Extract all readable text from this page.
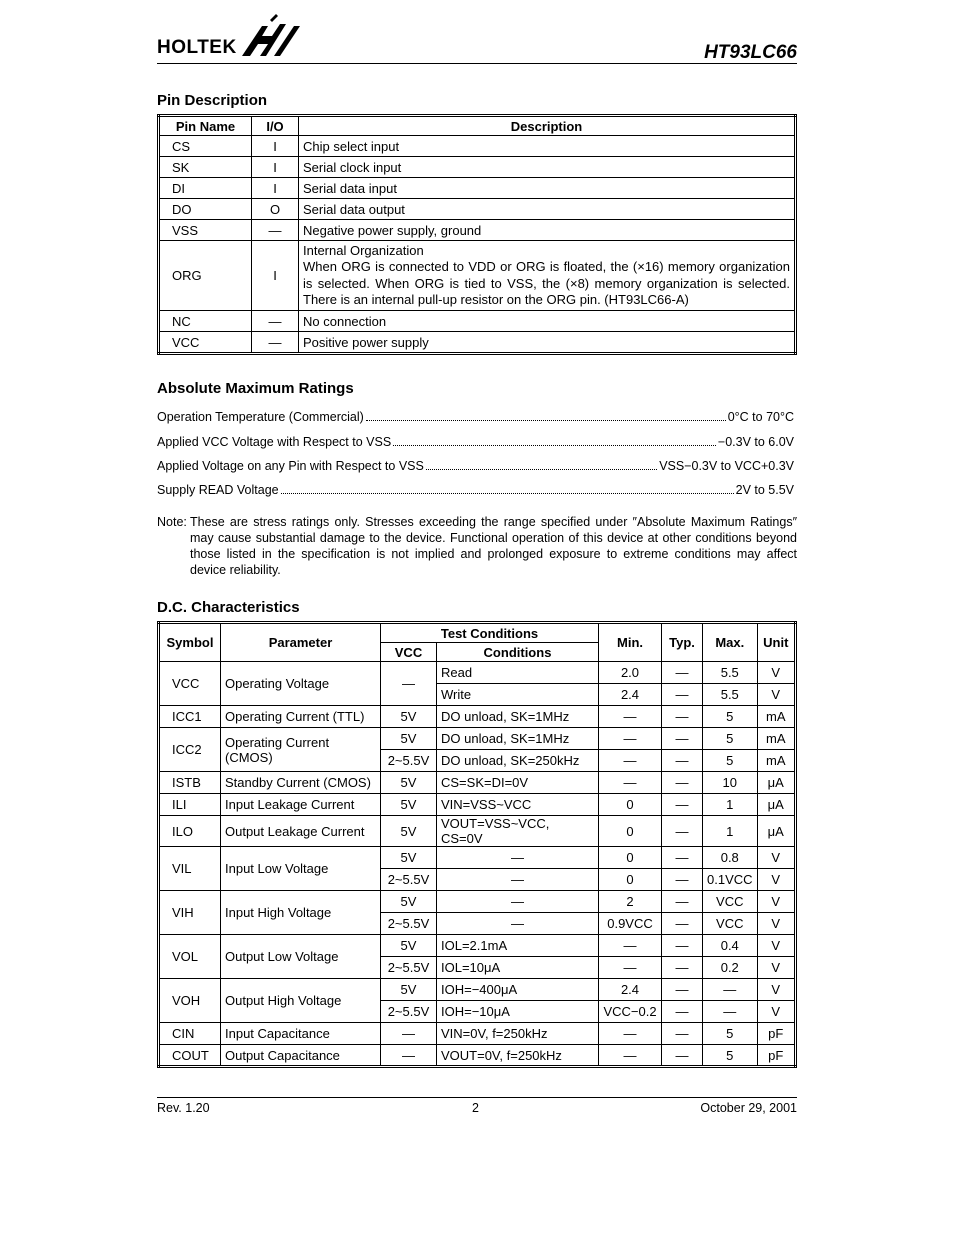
HOLTEK	HT93LC66
Pin Description
Pin Name	I/O	Description
CS	I	Chip select input
SK	I	Serial clock input
DI	I	Serial data input
DO	O	Serial data output
VSS	—	Negative power supply, ground
ORG	I	Internal Organization
When ORG is connected to VDD or ORG is floated, the (×16) memory organization is selected. When ORG is tied to VSS, the (×8) memory organization is selected. There is an internal pull-up resistor on the ORG pin. (HT93LC66-A)

NC	—	No connection
VCC	—	Positive power supply
Absolute Maximum Ratings
Operation Temperature (Commercial)	0°C to 70°C
Applied VCC Voltage with Respect to VSS	−0.3V to 6.0V
Applied Voltage on any Pin with Respect to VSS	VSS−0.3V to VCC+0.3V
Supply READ Voltage	2V to 5.5V
Note: These are stress ratings only. Stresses exceeding the range specified under ″Absolute Maximum Ratings″ may cause substantial damage to the device. Functional operation of this device at other conditions beyond those listed in the specification is not implied and prolonged exposure to extreme conditions may affect device reliability.
D.C. Characteristics
Symbol	Parameter	Test Conditions		Min.	Typ.	Max.	Unit
		VCC	Conditions				
VCC	Operating Voltage	—	Read	2.0	—	5.5	V
			Write	2.4	—	5.5	V
ICC1	Operating Current (TTL)	5V	DO unload, SK=1MHz	—	—	5	mA
ICC2	Operating Current (CMOS)	5V	DO unload, SK=1MHz	—	—	5	mA
		2~5.5V	DO unload, SK=250kHz	—	—	5	mA
ISTB	Standby Current (CMOS)	5V	CS=SK=DI=0V	—	—	10	μA
ILI	Input Leakage Current	5V	VIN=VSS~VCC	0	—	1	μA
ILO	Output Leakage Current	5V	VOUT=VSS~VCC, CS=0V	0	—	1	μA
VIL	Input Low Voltage	5V	—	0	—	0.8	V
		2~5.5V	—	0	—	0.1VCC	V
VIH	Input High Voltage	5V	—	2	—	VCC	V
		2~5.5V	—	0.9VCC	—	VCC	V
VOL	Output Low Voltage	5V	IOL=2.1mA	—	—	0.4	V
		2~5.5V	IOL=10μA	—	—	0.2	V
VOH	Output High Voltage	5V	IOH=−400μA	2.4	—	—	V
		2~5.5V	IOH=−10μA	VCC−0.2	—	—	V
CIN	Input Capacitance	—	VIN=0V, f=250kHz	—	—	5	pF
COUT	Output Capacitance	—	VOUT=0V, f=250kHz	—	—	5	pF
Rev. 1.20	2	October 29, 2001
